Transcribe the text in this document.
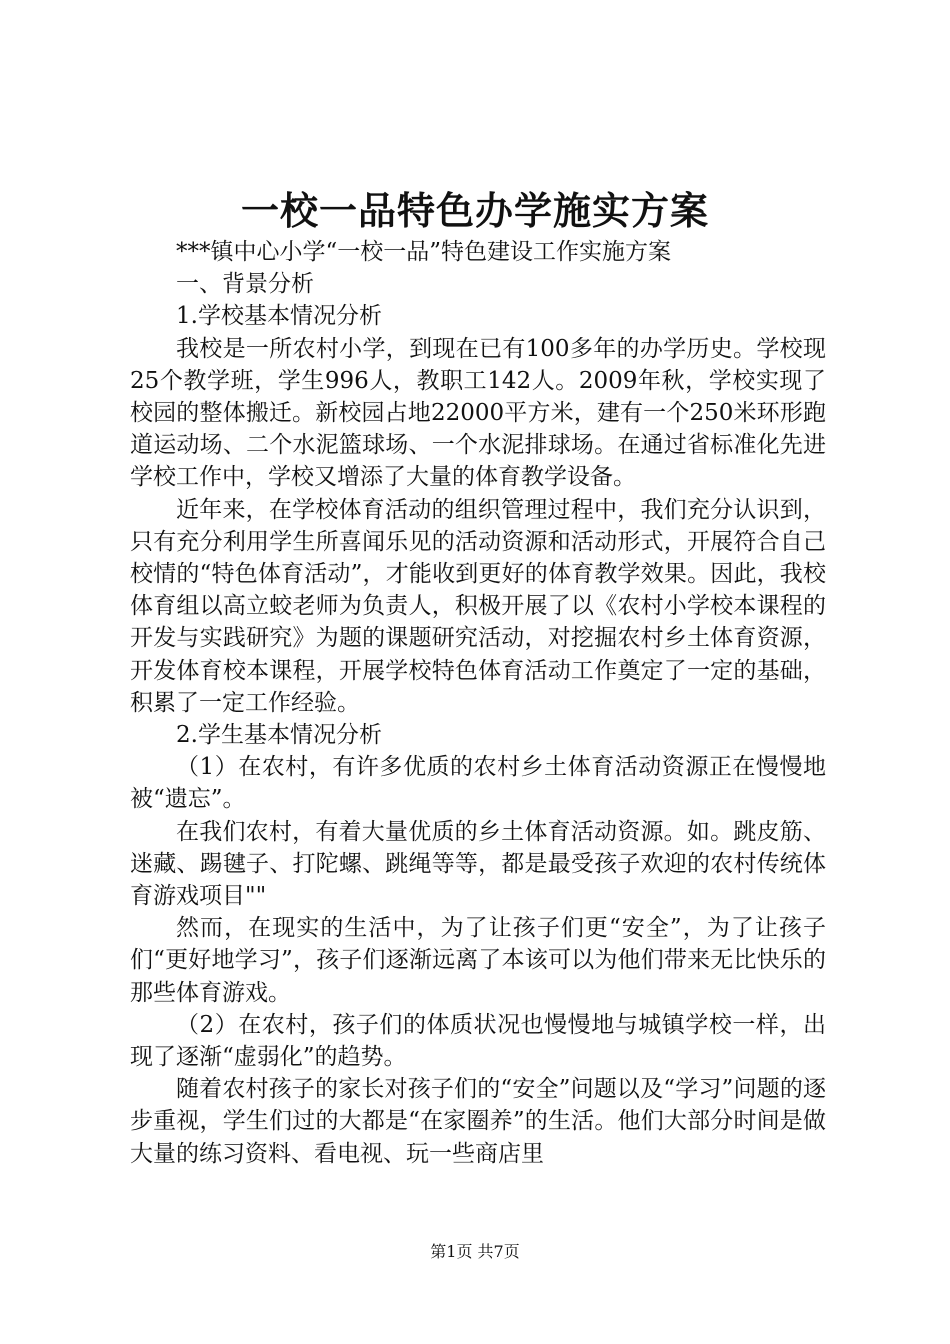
一校一品特色办学施实方案

***镇中心小学“一校一品”特色建设工作实施方案

一、背景分析

1.学校基本情况分析

我校是一所农村小学，到现在已有100多年的办学历史。学校现25个教学班，学生996人，教职工142人。2009年秋，学校实现了校园的整体搬迁。新校园占地22000平方米，建有一个250米环形跑道运动场、二个水泥篮球场、一个水泥排球场。在通过省标准化先进学校工作中，学校又增添了大量的体育教学设备。

近年来，在学校体育活动的组织管理过程中，我们充分认识到，只有充分利用学生所喜闻乐见的活动资源和活动形式，开展符合自己校情的“特色体育活动”，才能收到更好的体育教学效果。因此，我校体育组以高立蛟老师为负责人，积极开展了以《农村小学校本课程的开发与实践研究》为题的课题研究活动，对挖掘农村乡土体育资源，开发体育校本课程，开展学校特色体育活动工作奠定了一定的基础，积累了一定工作经验。

2.学生基本情况分析

（1）在农村，有许多优质的农村乡土体育活动资源正在慢慢地被“遗忘”。

在我们农村，有着大量优质的乡土体育活动资源。如。跳皮筋、迷藏、踢毽子、打陀螺、跳绳等等，都是最受孩子欢迎的农村传统体育游戏项目""

然而，在现实的生活中，为了让孩子们更“安全”，为了让孩子们“更好地学习”，孩子们逐渐远离了本该可以为他们带来无比快乐的那些体育游戏。

（2）在农村，孩子们的体质状况也慢慢地与城镇学校一样，出现了逐渐“虚弱化”的趋势。

随着农村孩子的家长对孩子们的“安全”问题以及“学习”问题的逐步重视，学生们过的大都是“在家圈养”的生活。他们大部分时间是做大量的练习资料、看电视、玩一些商店里

第1页 共7页
